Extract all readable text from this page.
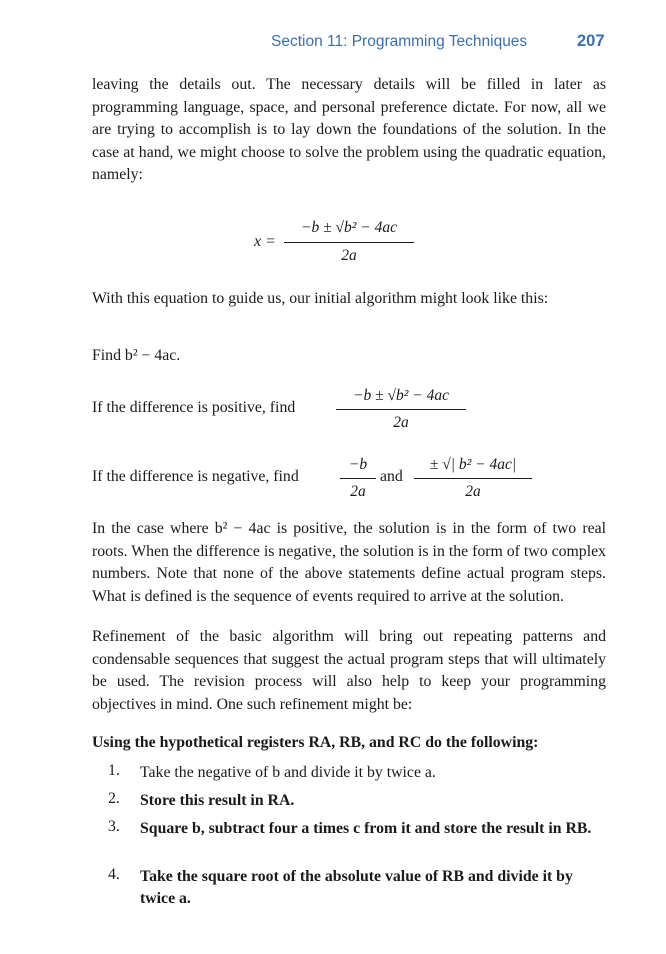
Section 11: Programming Techniques	207

leaving the details out. The necessary details will be filled in later as programming language, space, and personal preference dictate. For now, all we are trying to accomplish is to lay down the foundations of the solution. In the case at hand, we might choose to solve the problem using the quadratic equation, namely:

x =
−b ± √b² − 4ac
2a

With this equation to guide us, our initial algorithm might look like this:

Find b² − 4ac.

If the difference is positive, find
−b ± √b² − 4ac
2a
If the difference is negative, find
−b
2a
and
± √| b² − 4ac|
2a

In the case where b² − 4ac is positive, the solution is in the form of two real roots. When the difference is negative, the solution is in the form of two complex numbers. Note that none of the above statements define actual program steps. What is defined is the sequence of events required to arrive at the solution.

Refinement of the basic algorithm will bring out repeating patterns and condensable sequences that suggest the actual program steps that will ultimately be used. The revision process will also help to keep your programming objectives in mind. One such refinement might be:

Using the hypothetical registers RA, RB, and RC do the following:
1. Take the negative of b and divide it by twice a.
2. Store this result in RA.
3. Square b, subtract four a times c from it and store the result in RB.
4. Take the square root of the absolute value of RB and divide it by twice a.
